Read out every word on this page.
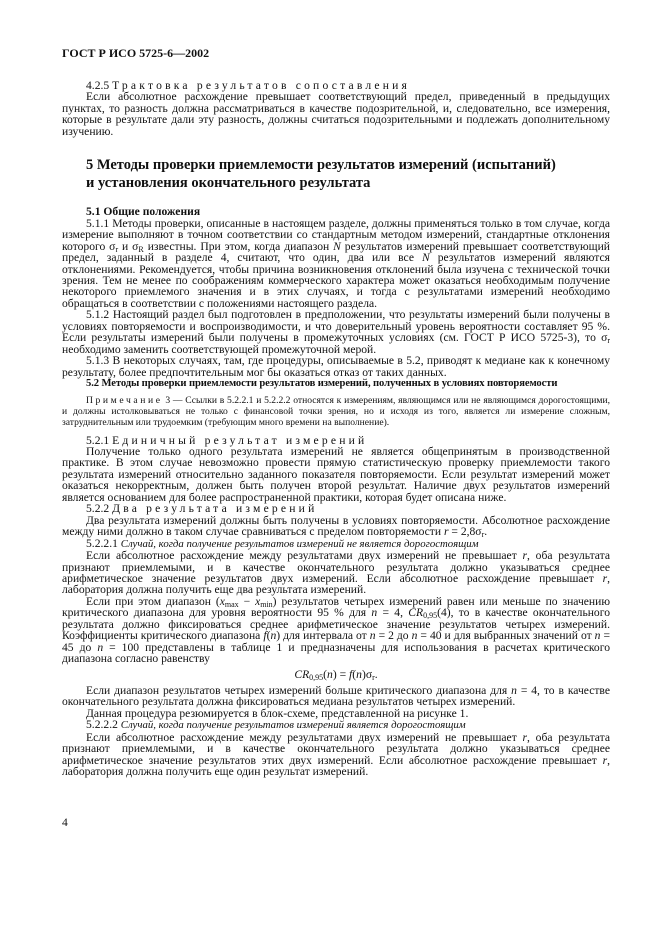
ГОСТ Р ИСО 5725-6—2002

4.2.5 Трактовка результатов сопоставления

Если абсолютное расхождение превышает соответствующий предел, приведенный в предыдущих пунктах, то разность должна рассматриваться в качестве подозрительной, и, следовательно, все измерения, которые в результате дали эту разность, должны считаться подозрительными и подлежать дополнительному изучению.

5 Методы проверки приемлемости результатов измерений (испытаний)
и установления окончательного результата

5.1 Общие положения

5.1.1 Методы проверки, описанные в настоящем разделе, должны применяться только в том случае, когда измерение выполняют в точном соответствии со стандартным методом измерений, стандартные отклонения которого $\sigma_r$ и $\sigma_R$ известны. При этом, когда диапазон N результатов измерений превышает соответствующий предел, заданный в разделе 4, считают, что один, два или все N результатов измерений являются отклонениями. Рекомендуется, чтобы причина возникновения отклонений была изучена с технической точки зрения. Тем не менее по соображениям коммерческого характера может оказаться необходимым получение некоторого приемлемого значения и в этих случаях, и тогда с результатами измерений необходимо обращаться в соответствии с положениями настоящего раздела.

5.1.2 Настоящий раздел был подготовлен в предположении, что результаты измерений были получены в условиях повторяемости и воспроизводимости, и что доверительный уровень вероятности составляет 95 %. Если результаты измерений были получены в промежуточных условиях (см. ГОСТ Р ИСО 5725-3), то $\sigma_r$ необходимо заменить соответствующей промежуточной мерой.

5.1.3 В некоторых случаях, там, где процедуры, описываемые в 5.2, приводят к медиане как к конечному результату, более предпочтительным мог бы оказаться отказ от таких данных.

5.2 Методы проверки приемлемости результатов измерений, полученных в условиях повторяемости

Примечание 3 — Ссылки в 5.2.2.1 и 5.2.2.2 относятся к измерениям, являющимся или не являющимся дорогостоящими, и должны истолковываться не только с финансовой точки зрения, но и исходя из того, является ли измерение сложным, затруднительным или трудоемким (требующим много времени на выполнение).

5.2.1 Единичный результат измерений

Получение только одного результата измерений не является общепринятым в производственной практике. В этом случае невозможно провести прямую статистическую проверку приемлемости такого результата измерений относительно заданного показателя повторяемости. Если результат измерений может оказаться некорректным, должен быть получен второй результат. Наличие двух результатов измерений является основанием для более распространенной практики, которая будет описана ниже.

5.2.2 Два результата измерений

Два результата измерений должны быть получены в условиях повторяемости. Абсолютное расхождение между ними должно в таком случае сравниваться с пределом повторяемости $r = 2,8\sigma_r$.

5.2.2.1 Случай, когда получение результатов измерений не является дорогостоящим

Если абсолютное расхождение между результатами двух измерений не превышает r, оба результата признают приемлемыми, и в качестве окончательного результата должно указываться среднее арифметическое значение результатов двух измерений. Если абсолютное расхождение превышает r, лаборатория должна получить еще два результата измерений.

Если при этом диапазон $(x_{max} - x_{min})$ результатов четырех измерений равен или меньше по значению критического диапазона для уровня вероятности 95 % для n = 4, $CR_{0,95}(4)$, то в качестве окончательного результата должно фиксироваться среднее арифметическое значение результатов четырех измерений. Коэффициенты критического диапазона f(n) для интервала от n = 2 до n = 40 и для выбранных значений от n = 45 до n = 100 представлены в таблице 1 и предназначены для использования в расчетах критического диапазона согласно равенству

$CR_{0,95}(n) = f(n)\sigma_r$.

Если диапазон результатов четырех измерений больше критического диапазона для n = 4, то в качестве окончательного результата должна фиксироваться медиана результатов четырех измерений.

Данная процедура резюмируется в блок-схеме, представленной на рисунке 1.

5.2.2.2 Случай, когда получение результатов измерений является дорогостоящим

Если абсолютное расхождение между результатами двух измерений не превышает r, оба результата признают приемлемыми, и в качестве окончательного результата должно указываться среднее арифметическое значение результатов этих двух измерений. Если абсолютное расхождение превышает r, лаборатория должна получить еще один результат измерений.

4
